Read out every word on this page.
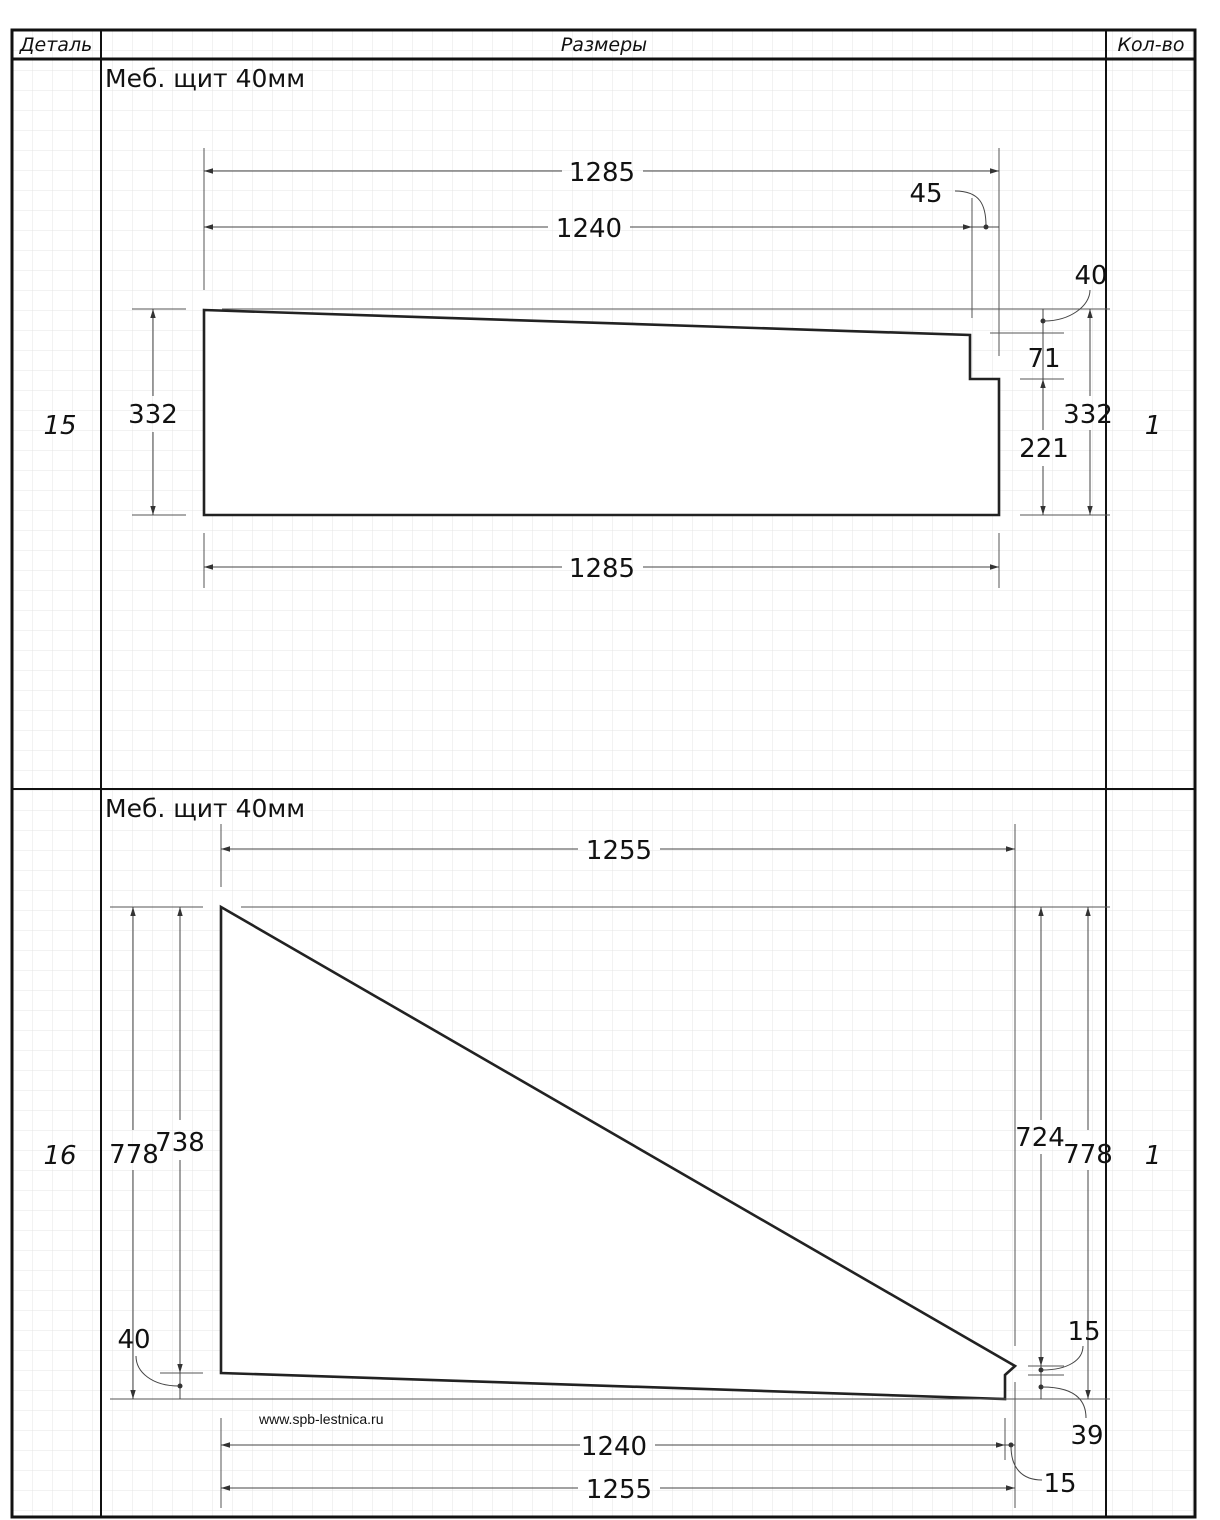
Деталь	Размеры	Кол-во
Меб. щит 40мм
15	1
1285
1240
45
40
71
221
332
332
1285
Меб. щит 40мм
16	1
1255
778
738
40
724
778
15
39
1240
15
1255
www.spb-lestnica.ru
